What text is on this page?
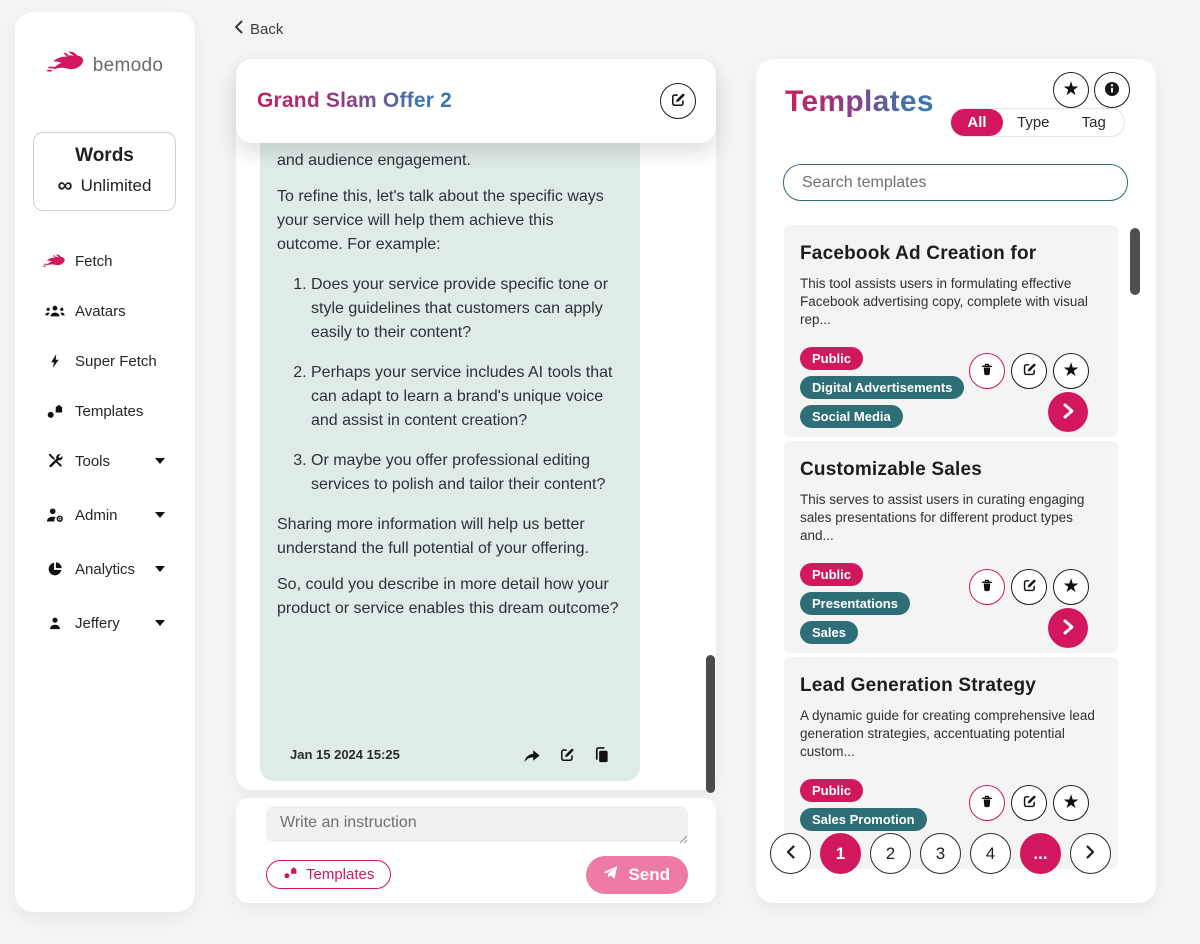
bemodo
Words
∞ Unlimited
Fetch
Avatars
Super Fetch
Templates
Tools
Admin
Analytics
Jeffery
Back
Grand Slam Offer 2

and audience engagement.

To refine this, let's talk about the specific ways your service will help them achieve this outcome. For example:

1. Does your service provide specific tone or style guidelines that customers can apply easily to their content?
2. Perhaps your service includes AI tools that can adapt to learn a brand's unique voice and assist in content creation?
3. Or maybe you offer professional editing services to polish and tailor their content?

Sharing more information will help us better understand the full potential of your offering.

So, could you describe in more detail how your product or service enables this dream outcome?

Jan 15 2024 15:25
Write an instruction
Templates	Send
Templates	★
All	Type	Tag
Search templates
Facebook Ad Creation for

This tool assists users in formulating effective Facebook advertising copy, complete with visual rep...

Public
Digital Advertisements
Social Media
★
Customizable Sales

This serves to assist users in curating engaging sales presentations for different product types and...

Public
Presentations
Sales
★
Lead Generation Strategy

A dynamic guide for creating comprehensive lead generation strategies, accentuating potential custom...

Public
Sales Promotion
★
1	2	3	4	...
